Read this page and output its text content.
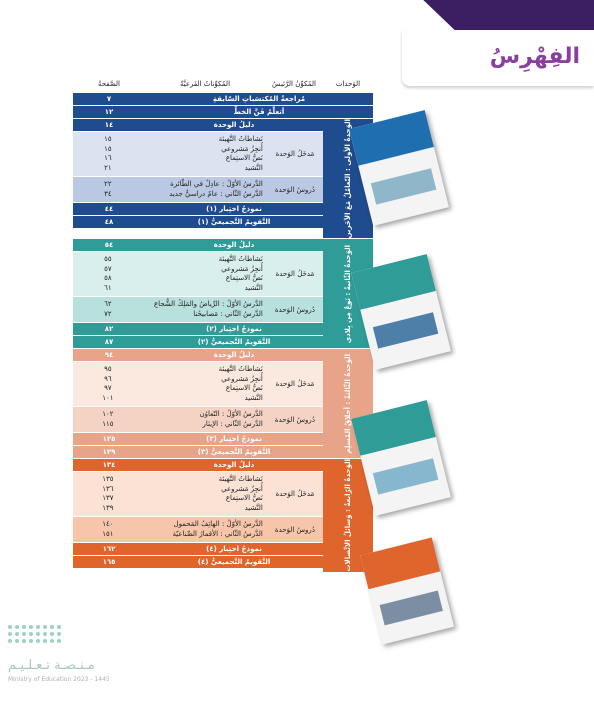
الفِهْرِسُ
الوَحدات
المُكوِّنُ الرَّئيسُ
المُكوِّناتُ الفَرعيَّةُ
الصَّفحةُ
مُراجعةُ المُكتسَباتِ السّابقةِ
٧
أتعلَّمُ فَنَّ الخطِّ
١٢
الوَحدةُ الأولى : التّعامُلُ مَعَ الآخَرين
دليلُ الوحدة
١٤
مَدخَلُ الوَحدة
نَشاطاتُ التَّهيئة
أُنجِزُ مَشروعي
نَصُّ الاستِماع
النَّشيد
١٥
١٥
١٦
٢١
دُروسُ الوَحدة
الدَّرسُ الأوّلُ : عادِلٌ في الطّائرة
الدَّرسُ الثّاني : عامٌ دراسيٌّ جديد
٢٢
٣٤
نموذجُ اختِبار (١)
٤٤
التَّقويمُ التَّجميعيُّ (١)
٤٨
الوَحدةُ الثّانيةُ : نَوعٌ مِن بِلادي
دليلُ الوحدة
٥٤
مَدخَلُ الوَحدة
نَشاطاتُ التَّهيئة
أُنجِزُ مَشروعي
نَصُّ الاستِماع
النَّشيد
٥٥
٥٧
٥٨
٦١
دُروسُ الوَحدة
الدَّرسُ الأوّلُ : الرِّياضُ والمَلِكُ الشُّجاع
الدَّرسُ الثّاني : مَصابيحُنا
٦٢
٧٢
نموذجُ اختِبار (٢)
٨٢
التَّقويمُ التَّجميعيُّ (٢)
٨٧
الوَحدةُ الثّالثةُ : أخلاقُ المُسلِم
دليلُ الوحدة
٩٤
مَدخَلُ الوَحدة
نَشاطاتُ التَّهيئة
أُنجِزُ مَشروعي
نَصُّ الاستِماع
النَّشيد
٩٥
٩٦
٩٧
١٠١
دُروسُ الوَحدة
الدَّرسُ الأوّلُ : التّعاوُن
الدَّرسُ الثّاني : الإيثار
١٠٢
١١٥
نموذجُ اختِبار (٣)
١٢٥
التَّقويمُ التَّجميعيُّ (٣)
١٢٩
الوَحدةُ الرّابعةُ : وَسائلُ الاتِّصالات
دليلُ الوحدة
١٣٤
مَدخَلُ الوَحدة
نَشاطاتُ التَّهيئة
أُنجِزُ مَشروعي
نَصُّ الاستِماع
النَّشيد
١٣٥
١٣٦
١٣٧
١٣٩
دُروسُ الوَحدة
الدَّرسُ الأوّلُ : الهاتِفُ المَحمول
الدَّرسُ الثّاني : الأقمارُ الصِّناعيّة
١٤٠
١٥١
نموذجُ اختِبار (٤)
١٦٢
التَّقويمُ التَّجميعيُّ (٤)
١٦٥
مـنـصـة تـعـلـيـم
Ministry of Education 2023 - 1445
